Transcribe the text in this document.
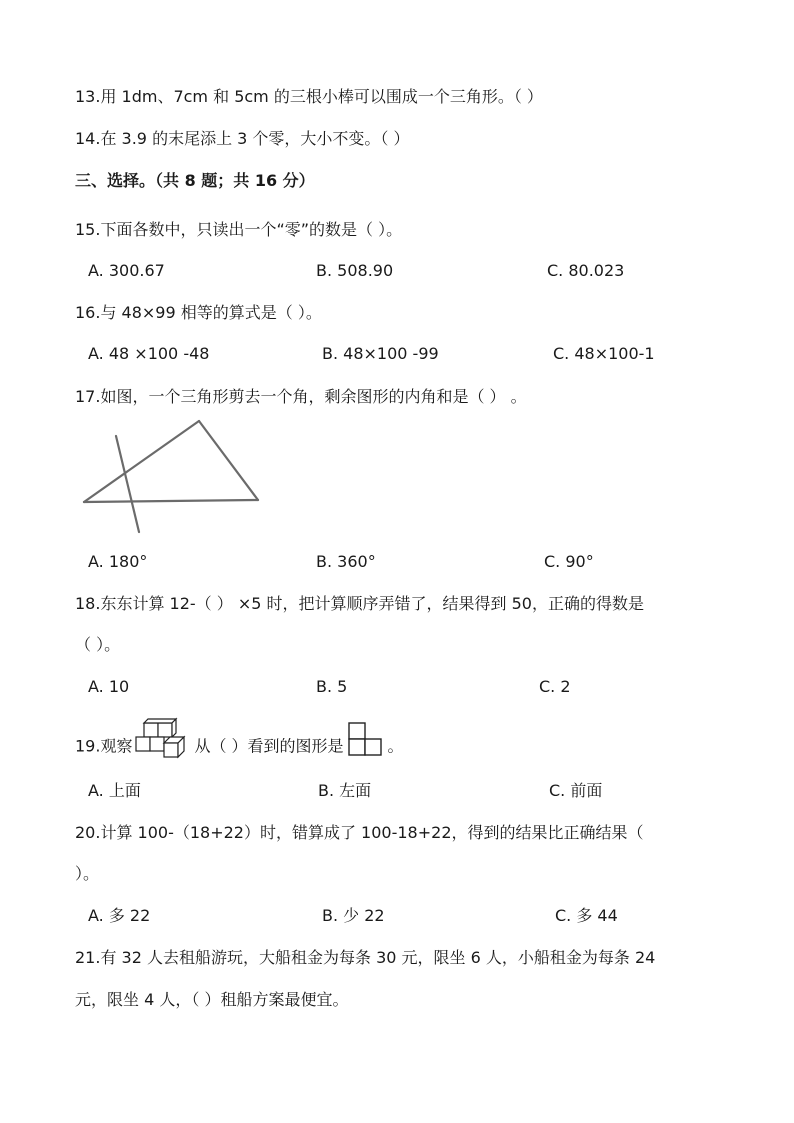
13.用 1dm、7cm 和 5cm 的三根小棒可以围成一个三角形。（ ）
14.在 3.9 的末尾添上 3 个零，大小不变。（ ）
三、选择。（共 8 题；共 16 分）
15.下面各数中，只读出一个“零”的数是（ ）。
A. 300.67	B. 508.90	C. 80.023
16.与 48×99 相等的算式是（ ）。
A. 48 ×100 -48	B. 48×100 -99	C. 48×100-1
17.如图，一个三角形剪去一个角，剩余图形的内角和是（ ） 。
A. 180°	B. 360°	C. 90°
18.东东计算 12-（ ） ×5 时，把计算顺序弄错了，结果得到 50，正确的得数是
（ ）。
A. 10	B. 5	C. 2
19.观察	从（ ）看到的图形是	。
A. 上面	B. 左面	C. 前面
20.计算 100-（18+22）时，错算成了 100-18+22，得到的结果比正确结果（
）。
A. 多 22	B. 少 22	C. 多 44
21.有 32 人去租船游玩，大船租金为每条 30 元，限坐 6 人，小船租金为每条 24
元，限坐 4 人，（ ）租船方案最便宜。
